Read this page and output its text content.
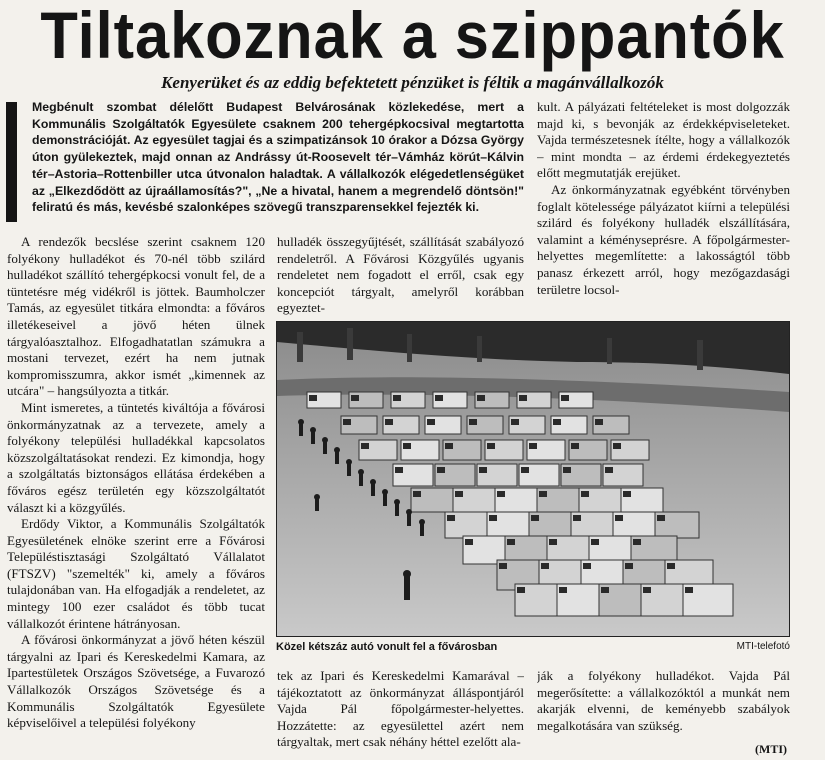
Tiltakoznak a szippantók
Kenyerüket és az eddig befektetett pénzüket is féltik a magánvállalkozók
Megbénult szombat délelőtt Budapest Belvárosának közlekedése, mert a Kommunális Szolgáltatók Egyesülete csaknem 200 tehergépkocsival megtartotta demonstrációját. Az egyesület tagjai és a szimpatizánsok 10 órakor a Dózsa György úton gyülekeztek, majd onnan az Andrássy út-Roosevelt tér–Vámház körút–Kálvin tér–Astoria–Rottenbiller utca útvonalon haladtak. A vállalkozók elégedetlenségüket az „Elkezdődött az újraállamosítás?", „Ne a hivatal, hanem a megrendelő döntsön!" feliratú és más, kevésbé szalonképes szövegű transzparensekkel fejezték ki.

A rendezők becslése szerint csaknem 120 folyékony hulladékot és 70-nél több szilárd hulladékot szállító tehergépkocsi vonult fel, de a tüntetésre még vidékről is jöttek. Baumholczer Tamás, az egyesület titkára elmondta: a főváros illetékeseivel a jövő héten ülnek tárgyalóasztalhoz. Elfogadhatatlan számukra a mostani tervezet, ezért ha nem jutnak kompromisszumra, akkor ismét „kimennek az utcára" – hangsúlyozta a titkár.

Mint ismeretes, a tüntetés kiváltója a fővárosi önkormányzatnak az a tervezete, amely a folyékony települési hulladékkal kapcsolatos közszolgáltatásokat rendezi. Ez kimondja, hogy a szolgáltatás biztonságos ellátása érdekében a főváros egész területén egy közszolgáltatót választ ki a közgyűlés.

Erdődy Viktor, a Kommunális Szolgáltatók Egyesületének elnöke szerint erre a Fővárosi Településtisztasági Szolgáltató Vállalatot (FTSZV) "szemelték" ki, amely a főváros tulajdonában van. Ha elfogadják a rendeletet, az mintegy 100 ezer családot és több tucat vállalkozót érintene hátrányosan.

A fővárosi önkormányzat a jövő héten készül tárgyalni az Ipari és Kereskedelmi Kamara, az Ipartestületek Országos Szövetsége, a Fuvarozó Vállalkozók Országos Szövetsége és a Kommunális Szolgáltatók Egyesülete képviselőivel a települési folyékony

hulladék összegyűjtését, szállítását szabályozó rendeletről. A Fővárosi Közgyűlés ugyanis rendeletet nem fogadott el erről, csak egy koncepciót tárgyalt, amelyről korábban egyeztet-

kult. A pályázati feltételeket is most dolgozzák majd ki, s bevonják az érdekképviseleteket. Vajda természetesnek ítélte, hogy a vállalkozók – mint mondta – az érdemi érdekegyeztetés előtt megmutatják erejüket.

Az önkormányzatnak egyébként törvényben foglalt kötelessége pályázatot kiírni a települési szilárd és folyékony hulladék elszállítására, valamint a kéményseprésre. A főpolgármester-helyettes megemlítette: a lakosságtól több panasz érkezett arról, hogy mezőgazdasági területre locsol-

Közel kétszáz autó vonult fel a fővárosban	MTI-telefotó

tek az Ipari és Kereskedelmi Kamarával – tájékoztatott az önkormányzat álláspontjáról Vajda Pál főpolgármester-helyettes. Hozzátette: az egyesülettel azért nem tárgyaltak, mert csak néhány héttel ezelőtt ala-

ják a folyékony hulladékot. Vajda Pál megerősítette: a vállalkozóktól a munkát nem akarják elvenni, de keményebb szabályok megalkotására van szükség.

(MTI)
